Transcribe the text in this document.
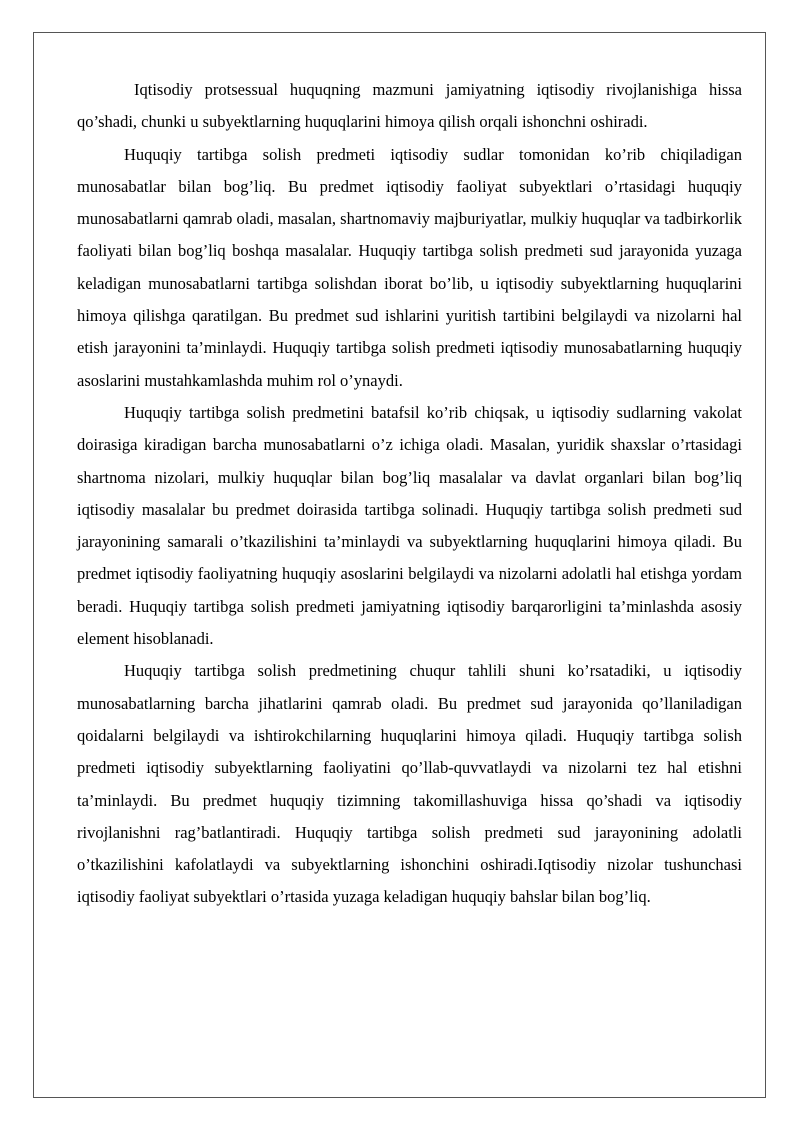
Iqtisodiy protsessual huquqning mazmuni jamiyatning iqtisodiy rivojlanishiga hissa qo’shadi, chunki u subyektlarning huquqlarini himoya qilish orqali ishonchni oshiradi.

Huquqiy tartibga solish predmeti iqtisodiy sudlar tomonidan ko’rib chiqiladigan munosabatlar bilan bog’liq. Bu predmet iqtisodiy faoliyat subyektlari o’rtasidagi huquqiy munosabatlarni qamrab oladi, masalan, shartnomaviy majburiyatlar, mulkiy huquqlar va tadbirkorlik faoliyati bilan bog’liq boshqa masalalar. Huquqiy tartibga solish predmeti sud jarayonida yuzaga keladigan munosabatlarni tartibga solishdan iborat bo’lib, u iqtisodiy subyektlarning huquqlarini himoya qilishga qaratilgan. Bu predmet sud ishlarini yuritish tartibini belgilaydi va nizolarni hal etish jarayonini ta’minlaydi. Huquqiy tartibga solish predmeti iqtisodiy munosabatlarning huquqiy asoslarini mustahkamlashda muhim rol o’ynaydi.

Huquqiy tartibga solish predmetini batafsil ko’rib chiqsak, u iqtisodiy sudlarning vakolat doirasiga kiradigan barcha munosabatlarni o’z ichiga oladi. Masalan, yuridik shaxslar o’rtasidagi shartnoma nizolari, mulkiy huquqlar bilan bog’liq masalalar va davlat organlari bilan bog’liq iqtisodiy masalalar bu predmet doirasida tartibga solinadi. Huquqiy tartibga solish predmeti sud jarayonining samarali o’tkazilishini ta’minlaydi va subyektlarning huquqlarini himoya qiladi. Bu predmet iqtisodiy faoliyatning huquqiy asoslarini belgilaydi va nizolarni adolatli hal etishga yordam beradi. Huquqiy tartibga solish predmeti jamiyatning iqtisodiy barqarorligini ta’minlashda asosiy element hisoblanadi.

Huquqiy tartibga solish predmetining chuqur tahlili shuni ko’rsatadiki, u iqtisodiy munosabatlarning barcha jihatlarini qamrab oladi. Bu predmet sud jarayonida qo’llaniladigan qoidalarni belgilaydi va ishtirokchilarning huquqlarini himoya qiladi. Huquqiy tartibga solish predmeti iqtisodiy subyektlarning faoliyatini qo’llab-quvvatlaydi va nizolarni tez hal etishni ta’minlaydi. Bu predmet huquqiy tizimning takomillashuviga hissa qo’shadi va iqtisodiy rivojlanishni rag’batlantiradi. Huquqiy tartibga solish predmeti sud jarayonining adolatli o’tkazilishini kafolatlaydi va subyektlarning ishonchini oshiradi.Iqtisodiy nizolar tushunchasi iqtisodiy faoliyat subyektlari o’rtasida yuzaga keladigan huquqiy bahslar bilan bog’liq.
